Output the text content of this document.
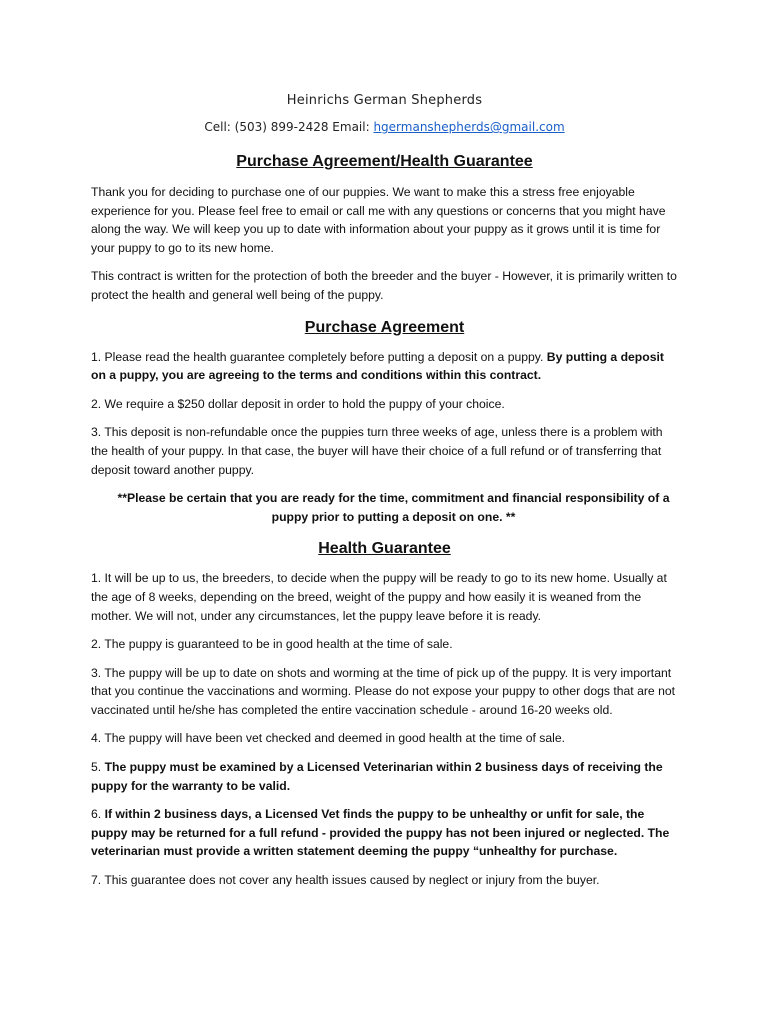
Heinrichs German Shepherds
Cell: (503) 899-2428 Email: hgermanshepherds@gmail.com
Purchase Agreement/Health Guarantee

Thank you for deciding to purchase one of our puppies. We want to make this a stress free enjoyable experience for you. Please feel free to email or call me with any questions or concerns that you might have along the way. We will keep you up to date with information about your puppy as it grows until it is time for your puppy to go to its new home.

This contract is written for the protection of both the breeder and the buyer - However, it is primarily written to protect the health and general well being of the puppy.

Purchase Agreement

1. Please read the health guarantee completely before putting a deposit on a puppy. By putting a deposit on a puppy, you are agreeing to the terms and conditions within this contract.

2. We require a $250 dollar deposit in order to hold the puppy of your choice.

3. This deposit is non-refundable once the puppies turn three weeks of age, unless there is a problem with the health of your puppy. In that case, the buyer will have their choice of a full refund or of transferring that deposit toward another puppy.

**Please be certain that you are ready for the time, commitment and financial responsibility of a puppy prior to putting a deposit on one. **

Health Guarantee

1. It will be up to us, the breeders, to decide when the puppy will be ready to go to its new home. Usually at the age of 8 weeks, depending on the breed, weight of the puppy and how easily it is weaned from the mother. We will not, under any circumstances, let the puppy leave before it is ready.

2. The puppy is guaranteed to be in good health at the time of sale.

3. The puppy will be up to date on shots and worming at the time of pick up of the puppy. It is very important that you continue the vaccinations and worming. Please do not expose your puppy to other dogs that are not vaccinated until he/she has completed the entire vaccination schedule - around 16-20 weeks old.

4. The puppy will have been vet checked and deemed in good health at the time of sale.

5. The puppy must be examined by a Licensed Veterinarian within 2 business days of receiving the puppy for the warranty to be valid.

6. If within 2 business days, a Licensed Vet finds the puppy to be unhealthy or unfit for sale, the puppy may be returned for a full refund - provided the puppy has not been injured or neglected. The veterinarian must provide a written statement deeming the puppy “unhealthy for purchase.

7. This guarantee does not cover any health issues caused by neglect or injury from the buyer.
